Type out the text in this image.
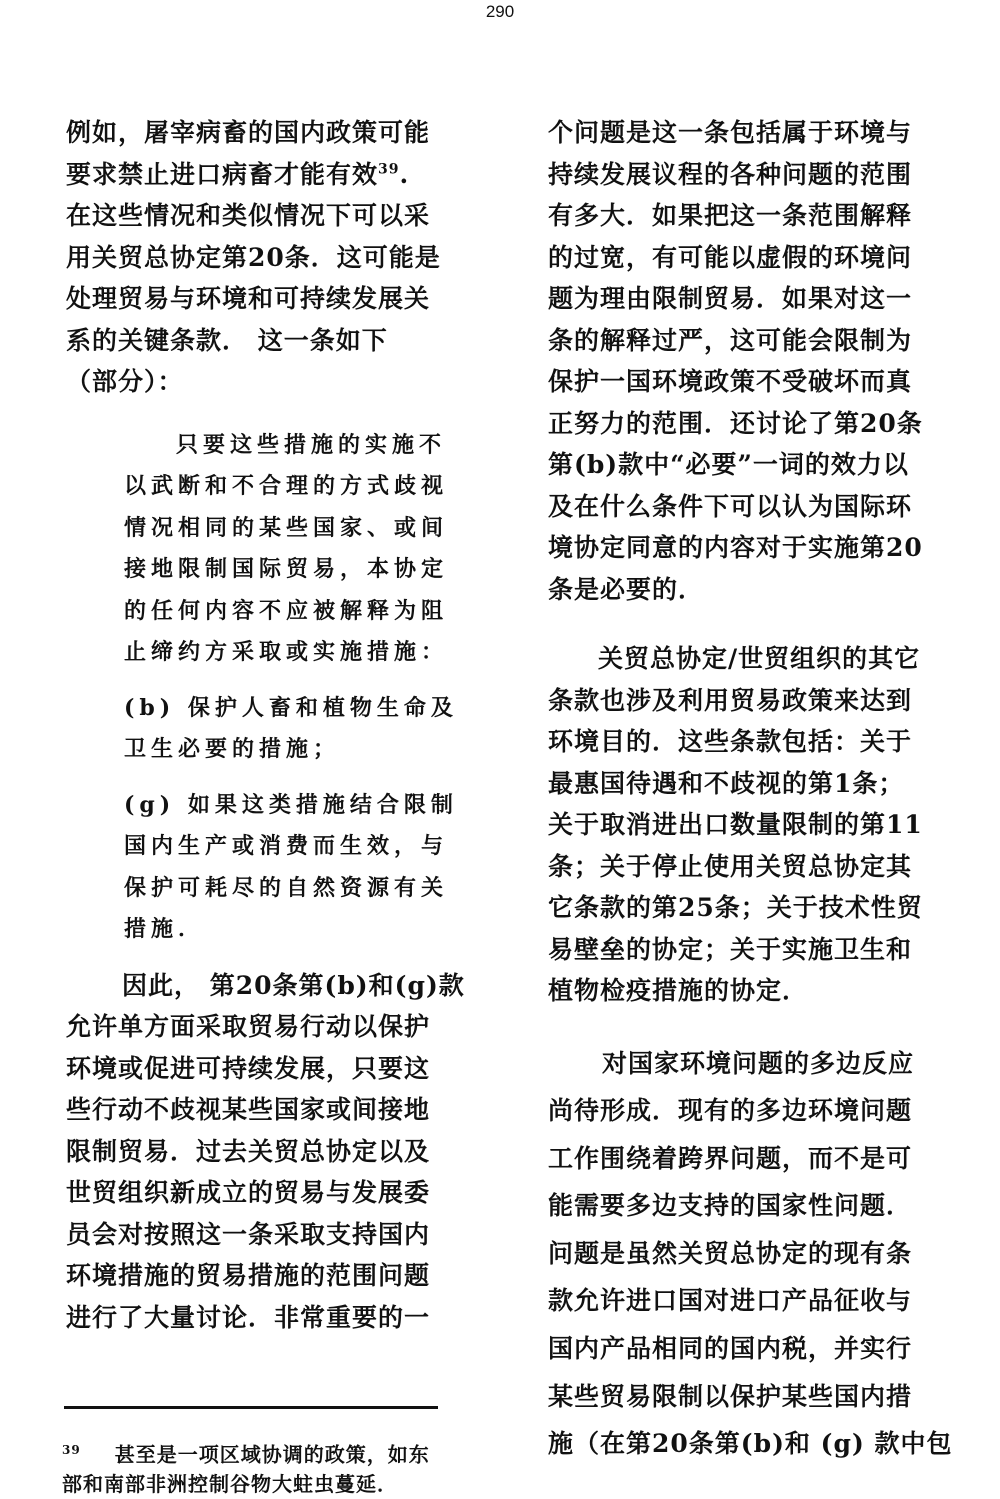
290
例如，屠宰病畜的国内政策可能
要求禁止进口病畜才能有效$^{39}$.
在这些情况和类似情况下可以采
用关贸总协定第20条．这可能是
处理贸易与环境和可持续发展关
系的关键条款． 这一条如下
（部分）：
只要这些措施的实施不
以武断和不合理的方式歧视
情况相同的某些国家、或间
接地限制国际贸易，本协定
的任何内容不应被解释为阻
止缔约方采取或实施措施：
(b) 保护人畜和植物生命及
卫生必要的措施；
(g) 如果这类措施结合限制
国内生产或消费而生效，与
保护可耗尽的自然资源有关
措施．
因此， 第20条第(b)和(g)款
允许单方面采取贸易行动以保护
环境或促进可持续发展，只要这
些行动不歧视某些国家或间接地
限制贸易．过去关贸总协定以及
世贸组织新成立的贸易与发展委
员会对按照这一条采取支持国内
环境措施的贸易措施的范围问题
进行了大量讨论．非常重要的一
个问题是这一条包括属于环境与
持续发展议程的各种问题的范围
有多大．如果把这一条范围解释
的过宽，有可能以虚假的环境问
题为理由限制贸易．如果对这一
条的解释过严，这可能会限制为
保护一国环境政策不受破坏而真
正努力的范围．还讨论了第20条
第(b)款中“必要”一词的效力以
及在什么条件下可以认为国际环
境协定同意的内容对于实施第20
条是必要的．
关贸总协定/世贸组织的其它
条款也涉及利用贸易政策来达到
环境目的．这些条款包括：关于
最惠国待遇和不歧视的第1条；
关于取消进出口数量限制的第11
条；关于停止使用关贸总协定其
它条款的第25条；关于技术性贸
易壁垒的协定；关于实施卫生和
植物检疫措施的协定．
对国家环境问题的多边反应
尚待形成．现有的多边环境问题
工作围绕着跨界问题，而不是可
能需要多边支持的国家性问题．
问题是虽然关贸总协定的现有条
款允许进口国对进口产品征收与
国内产品相同的国内税，并实行
某些贸易限制以保护某些国内措
施（在第20条第(b)和 (g) 款中包
$^{39}$ 甚至是一项区域协调的政策，如东
部和南部非洲控制谷物大蛀虫蔓延．
